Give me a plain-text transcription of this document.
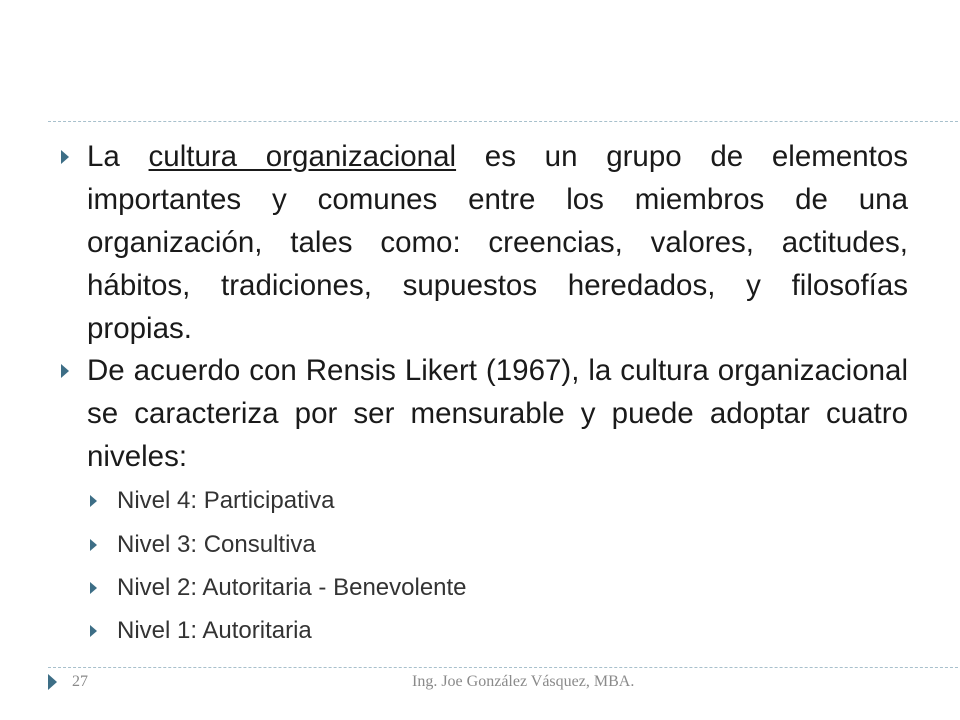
La cultura organizacional es un grupo de elementos importantes y comunes entre los miembros de una organización, tales como: creencias, valores, actitudes, hábitos, tradiciones, supuestos heredados, y filosofías propias.

De acuerdo con Rensis Likert (1967), la cultura organizacional se caracteriza por ser mensurable y puede adoptar cuatro niveles:

Nivel 4: Participativa
Nivel 3: Consultiva
Nivel 2: Autoritaria - Benevolente
Nivel 1: Autoritaria
27	Ing. Joe González Vásquez, MBA.
